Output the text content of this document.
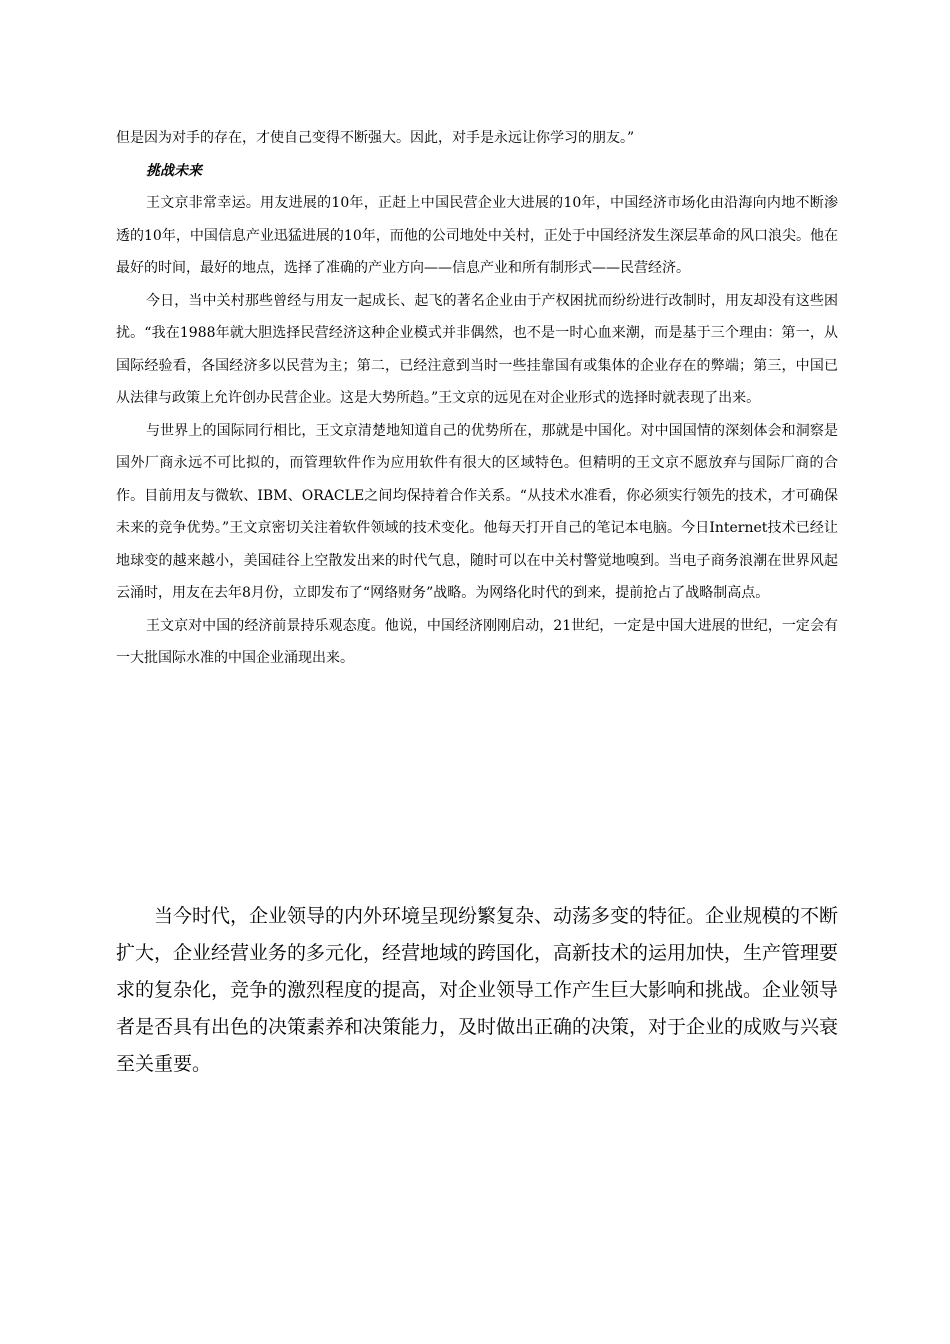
但是因为对手的存在，才使自己变得不断强大。因此，对手是永远让你学习的朋友。”

挑战未来

王文京非常幸运。用友进展的10年，正赶上中国民营企业大进展的10年，中国经济市场化由沿海向内地不断渗透的10年，中国信息产业迅猛进展的10年，而他的公司地处中关村，正处于中国经济发生深层革命的风口浪尖。他在最好的时间，最好的地点，选择了准确的产业方向——信息产业和所有制形式——民营经济。

今日，当中关村那些曾经与用友一起成长、起飞的著名企业由于产权困扰而纷纷进行改制时，用友却没有这些困扰。“我在1988年就大胆选择民营经济这种企业模式并非偶然，也不是一时心血来潮，而是基于三个理由：第一，从国际经验看，各国经济多以民营为主；第二，已经注意到当时一些挂靠国有或集体的企业存在的弊端；第三，中国已从法律与政策上允许创办民营企业。这是大势所趋。”王文京的远见在对企业形式的选择时就表现了出来。

与世界上的国际同行相比，王文京清楚地知道自己的优势所在，那就是中国化。对中国国情的深刻体会和洞察是国外厂商永远不可比拟的，而管理软件作为应用软件有很大的区域特色。但精明的王文京不愿放弃与国际厂商的合作。目前用友与微软、IBM、ORACLE之间均保持着合作关系。“从技术水准看，你必须实行领先的技术，才可确保未来的竞争优势。”王文京密切关注着软件领域的技术变化。他每天打开自己的笔记本电脑。今日Internet技术已经让地球变的越来越小，美国硅谷上空散发出来的时代气息，随时可以在中关村警觉地嗅到。当电子商务浪潮在世界风起云涌时，用友在去年8月份，立即发布了“网络财务”战略。为网络化时代的到来，提前抢占了战略制高点。

王文京对中国的经济前景持乐观态度。他说，中国经济刚刚启动，21世纪，一定是中国大进展的世纪，一定会有一大批国际水准的中国企业涌现出来。

当今时代，企业领导的内外环境呈现纷繁复杂、动荡多变的特征。企业规模的不断扩大，企业经营业务的多元化，经营地域的跨国化，高新技术的运用加快，生产管理要求的复杂化，竞争的激烈程度的提高，对企业领导工作产生巨大影响和挑战。企业领导者是否具有出色的决策素养和决策能力，及时做出正确的决策，对于企业的成败与兴衰至关重要。
